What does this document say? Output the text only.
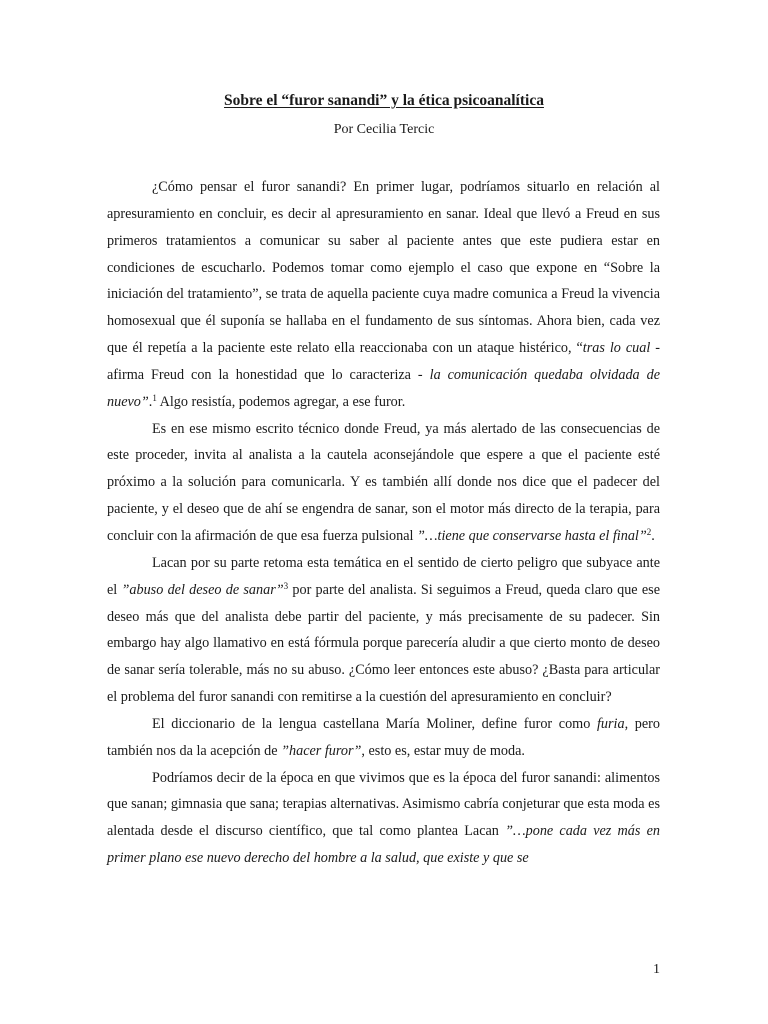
Sobre el “furor sanandi” y la ética psicoanalítica
Por Cecilia Tercic

¿Cómo pensar el furor sanandi? En primer lugar, podríamos situarlo en relación al apresuramiento en concluir, es decir al apresuramiento en sanar. Ideal que llevó a Freud en sus primeros tratamientos a comunicar su saber al paciente antes que este pudiera estar en condiciones de escucharlo. Podemos tomar como ejemplo el caso que expone en “Sobre la iniciación del tratamiento”, se trata de aquella paciente cuya madre comunica a Freud la vivencia homosexual que él suponía se hallaba en el fundamento de sus síntomas. Ahora bien, cada vez que él repetía a la paciente este relato ella reaccionaba con un ataque histérico, “tras lo cual - afirma Freud con la honestidad que lo caracteriza - la comunicación quedaba olvidada de nuevo”.$^1$ Algo resistía, podemos agregar, a ese furor.

Es en ese mismo escrito técnico donde Freud, ya más alertado de las consecuencias de este proceder, invita al analista a la cautela aconsejándole que espere a que el paciente esté próximo a la solución para comunicarla. Y es también allí donde nos dice que el padecer del paciente, y el deseo que de ahí se engendra de sanar, son el motor más directo de la terapia, para concluir con la afirmación de que esa fuerza pulsional ”…tiene que conservarse hasta el final”$^2$.

Lacan por su parte retoma esta temática en el sentido de cierto peligro que subyace ante el ”abuso del deseo de sanar”$^3$ por parte del analista. Si seguimos a Freud, queda claro que ese deseo más que del analista debe partir del paciente, y más precisamente de su padecer. Sin embargo hay algo llamativo en está fórmula porque parecería aludir a que cierto monto de deseo de sanar sería tolerable, más no su abuso. ¿Cómo leer entonces este abuso? ¿Basta para articular el problema del furor sanandi con remitirse a la cuestión del apresuramiento en concluir?

El diccionario de la lengua castellana María Moliner, define furor como furia, pero también nos da la acepción de ”hacer furor”, esto es, estar muy de moda.

Podríamos decir de la época en que vivimos que es la época del furor sanandi: alimentos que sanan; gimnasia que sana; terapias alternativas. Asimismo cabría conjeturar que esta moda es alentada desde el discurso científico, que tal como plantea Lacan ”…pone cada vez más en primer plano ese nuevo derecho del hombre a la salud, que existe y que se

1
